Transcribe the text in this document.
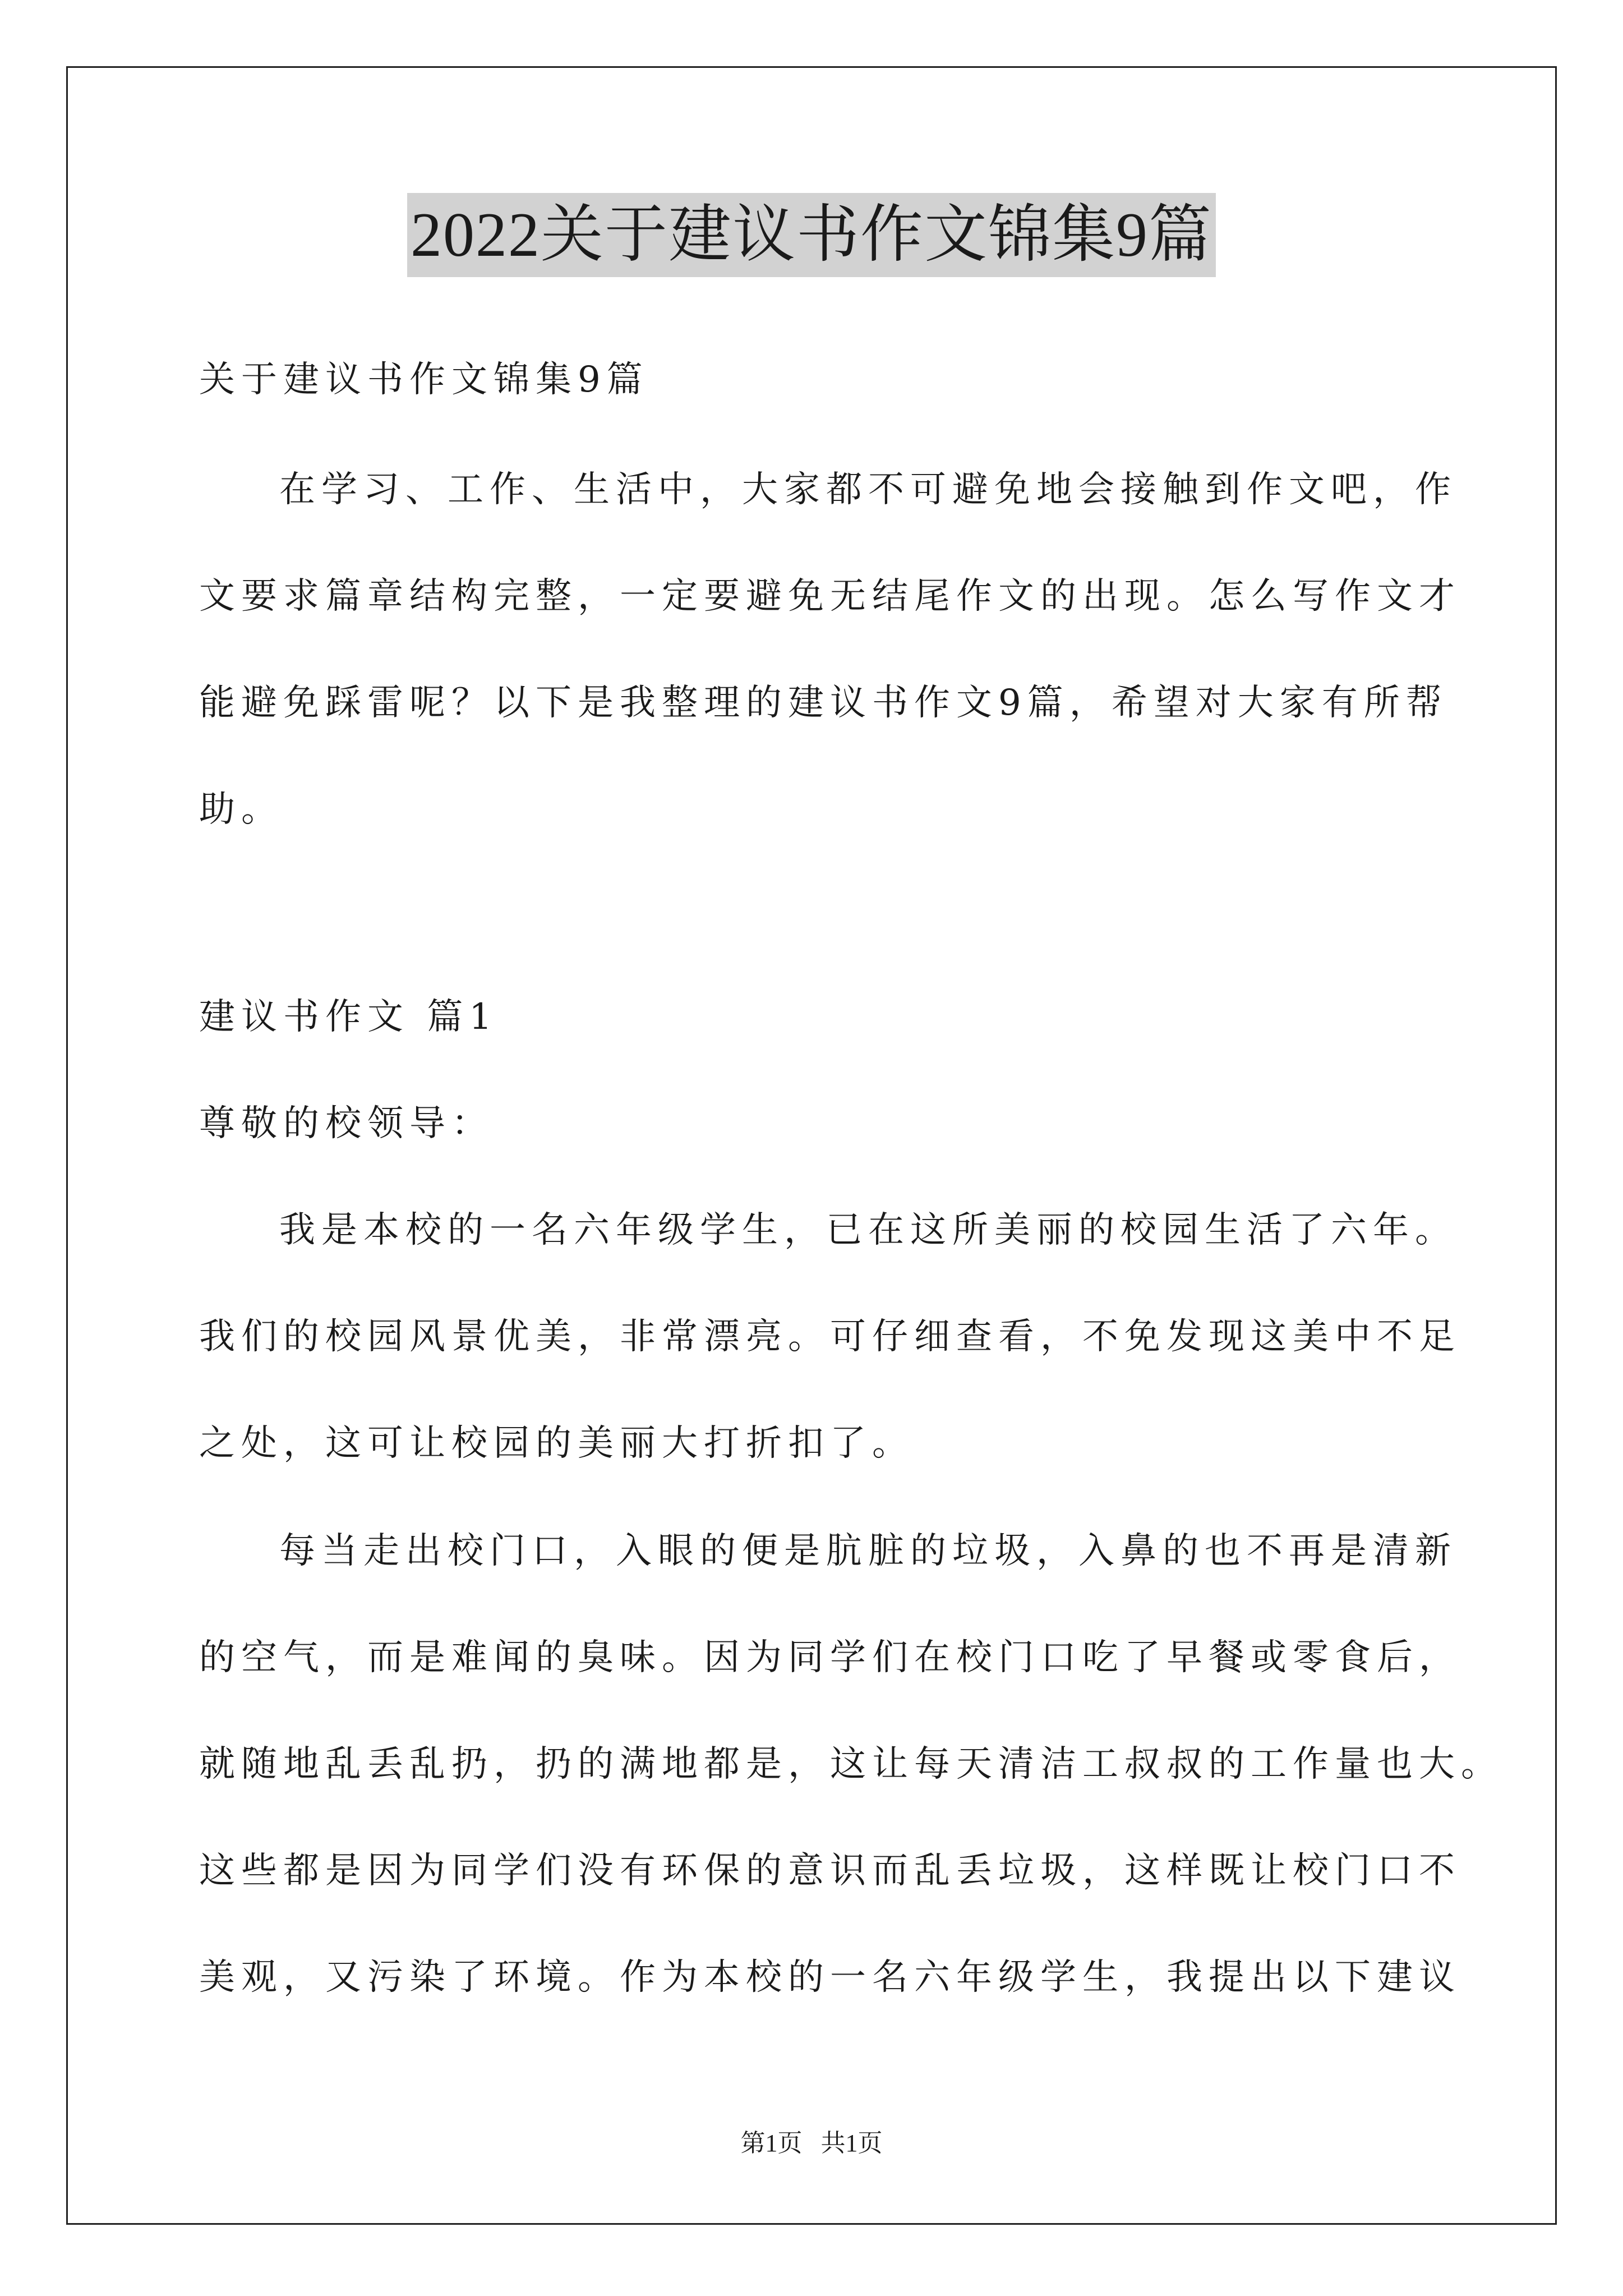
2022关于建议书作文锦集9篇
关于建议书作文锦集9篇
在学习、工作、生活中，大家都不可避免地会接触到作文吧，作
文要求篇章结构完整，一定要避免无结尾作文的出现。怎么写作文才
能避免踩雷呢？以下是我整理的建议书作文9篇，希望对大家有所帮
助。
建议书作文 篇1
尊敬的校领导：
我是本校的一名六年级学生，已在这所美丽的校园生活了六年。
我们的校园风景优美，非常漂亮。可仔细查看，不免发现这美中不足
之处，这可让校园的美丽大打折扣了。
每当走出校门口，入眼的便是肮脏的垃圾，入鼻的也不再是清新
的空气，而是难闻的臭味。因为同学们在校门口吃了早餐或零食后，
就随地乱丢乱扔，扔的满地都是，这让每天清洁工叔叔的工作量也大。
这些都是因为同学们没有环保的意识而乱丢垃圾，这样既让校门口不
美观，又污染了环境。作为本校的一名六年级学生，我提出以下建议
第1页   共1页
